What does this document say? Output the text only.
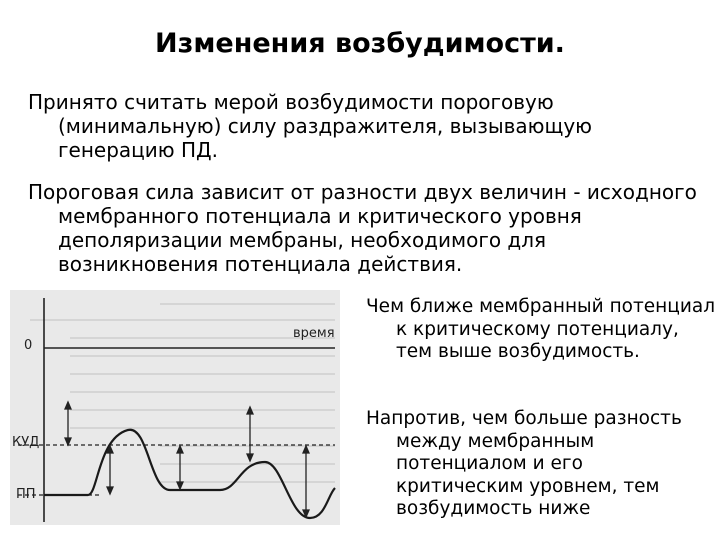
Изменения возбудимости.
Принято считать мерой возбудимости пороговую (минимальную) силу раздражителя, вызывающую генерацию ПД.
Пороговая сила зависит от разности двух величин - исходного мембранного потенциала и критического уровня деполяризации мембраны, необходимого для возникновения потенциала действия.
0
время
КУД
ПП
Чем ближе мембранный потенциал к критическому потенциалу, тем выше возбудимость.
Напротив, чем больше разность между мембранным потенциалом и его критическим уровнем, тем возбудимость ниже
